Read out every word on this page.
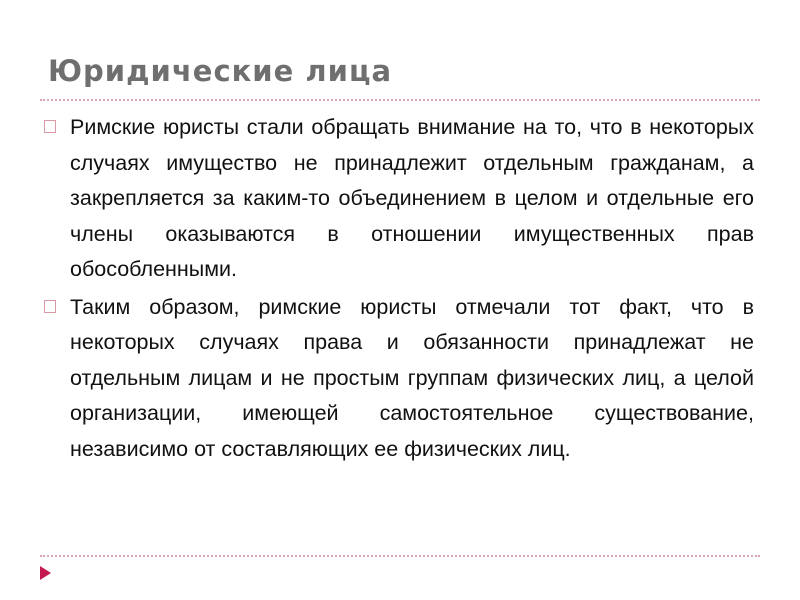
Юридические лица
Римские юристы стали обращать внимание на то, что в некоторых случаях имущество не принадлежит отдельным гражданам, а закрепляется за каким-то объединением в целом и отдельные его члены оказываются в отношении имущественных прав обособленными.
Таким образом, римские юристы отмечали тот факт, что в некоторых случаях права и обязанности принадлежат не отдельным лицам и не простым группам физических лиц, а целой организации, имеющей самостоятельное существование, независимо от составляющих ее физических лиц.
